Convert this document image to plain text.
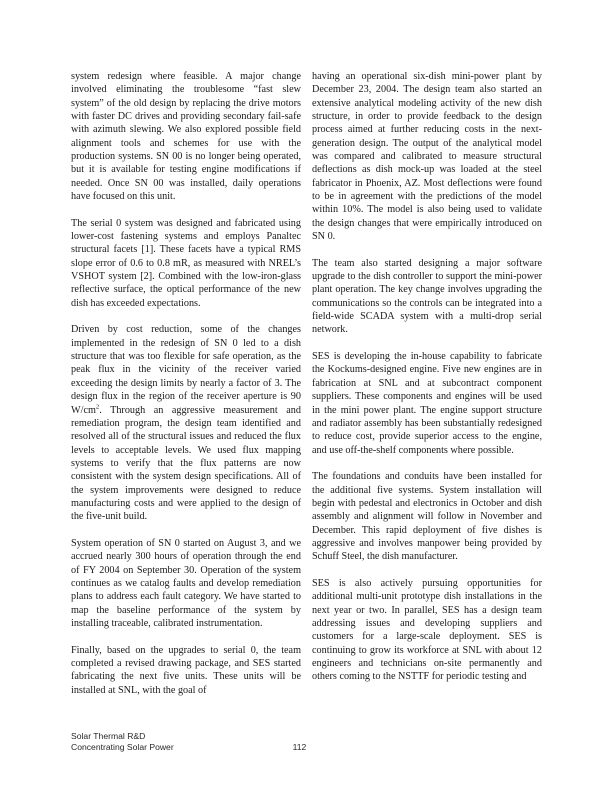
system redesign where feasible. A major change involved eliminating the troublesome “fast slew system” of the old design by replacing the drive motors with faster DC drives and providing secondary fail-safe with azimuth slewing. We also explored possible field alignment tools and schemes for use with the production systems. SN 00 is no longer being operated, but it is available for testing engine modifications if needed. Once SN 00 was installed, daily operations have focused on this unit.

The serial 0 system was designed and fabricated using lower-cost fastening systems and employs Panaltec structural facets [1]. These facets have a typical RMS slope error of 0.6 to 0.8 mR, as measured with NREL’s VSHOT system [2]. Combined with the low-iron-glass reflective surface, the optical performance of the new dish has exceeded expectations.

Driven by cost reduction, some of the changes implemented in the redesign of SN 0 led to a dish structure that was too flexible for safe operation, as the peak flux in the vicinity of the receiver varied exceeding the design limits by nearly a factor of 3. The design flux in the region of the receiver aperture is 90 $W/cm^2$. Through an aggressive measurement and remediation program, the design team identified and resolved all of the structural issues and reduced the flux levels to acceptable levels. We used flux mapping systems to verify that the flux patterns are now consistent with the system design specifications. All of the system improvements were designed to reduce manufacturing costs and were applied to the design of the five-unit build.

System operation of SN 0 started on August 3, and we accrued nearly 300 hours of operation through the end of FY 2004 on September 30. Operation of the system continues as we catalog faults and develop remediation plans to address each fault category. We have started to map the baseline performance of the system by installing traceable, calibrated instrumentation.

Finally, based on the upgrades to serial 0, the team completed a revised drawing package, and SES started fabricating the next five units. These units will be installed at SNL, with the goal of

having an operational six-dish mini-power plant by December 23, 2004. The design team also started an extensive analytical modeling activity of the new dish structure, in order to provide feedback to the design process aimed at further reducing costs in the next-generation design. The output of the analytical model was compared and calibrated to measure structural deflections as dish mock-up was loaded at the steel fabricator in Phoenix, AZ. Most deflections were found to be in agreement with the predictions of the model within 10%. The model is also being used to validate the design changes that were empirically introduced on SN 0.

The team also started designing a major software upgrade to the dish controller to support the mini-power plant operation. The key change involves upgrading the communications so the controls can be integrated into a field-wide SCADA system with a multi-drop serial network.

SES is developing the in-house capability to fabricate the Kockums-designed engine. Five new engines are in fabrication at SNL and at subcontract component suppliers. These components and engines will be used in the mini power plant. The engine support structure and radiator assembly has been substantially redesigned to reduce cost, provide superior access to the engine, and use off-the-shelf components where possible.

The foundations and conduits have been installed for the additional five systems. System installation will begin with pedestal and electronics in October and dish assembly and alignment will follow in November and December. This rapid deployment of five dishes is aggressive and involves manpower being provided by Schuff Steel, the dish manufacturer.

SES is also actively pursuing opportunities for additional multi-unit prototype dish installations in the next year or two. In parallel, SES has a design team addressing issues and developing suppliers and customers for a large-scale deployment. SES is continuing to grow its workforce at SNL with about 12 engineers and technicians on-site permanently and others coming to the NSTTF for periodic testing and

Solar Thermal R&D
Concentrating Solar Power	112
